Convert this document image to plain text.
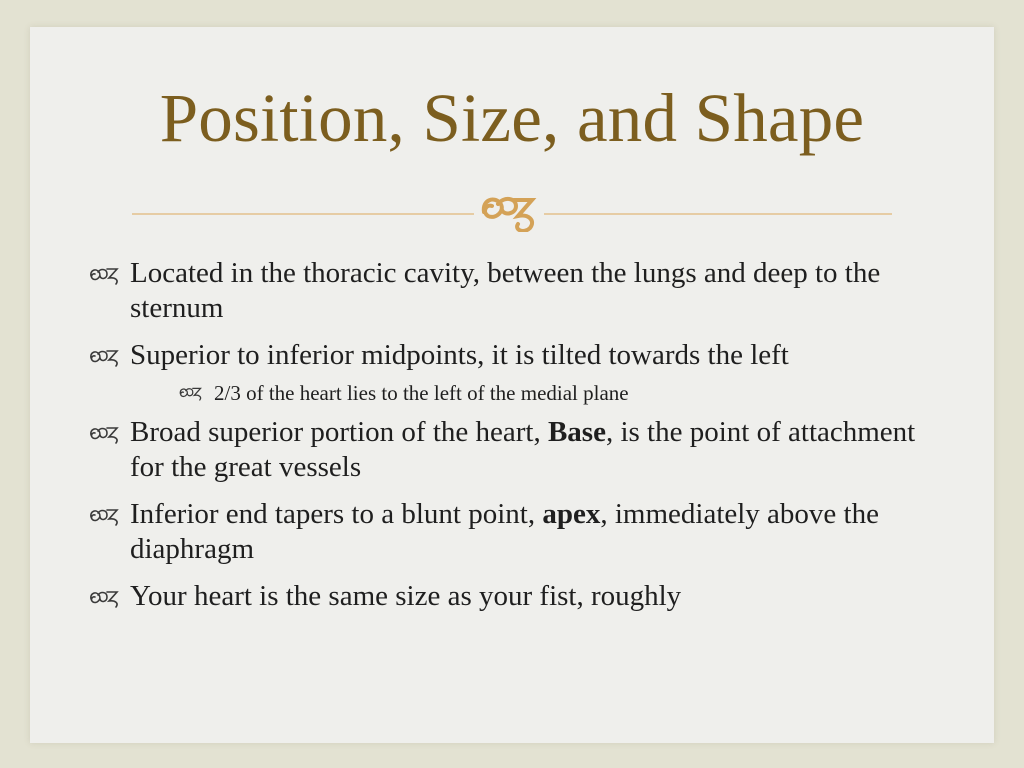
Position, Size, and Shape
Located in the thoracic cavity, between the lungs and deep to the sternum
Superior to inferior midpoints, it is tilted towards the left
2/3 of the heart lies to the left of the medial plane
Broad superior portion of the heart, Base, is the point of attachment for the great vessels
Inferior end tapers to a blunt point, apex, immediately above the diaphragm
Your heart is the same size as your fist, roughly
